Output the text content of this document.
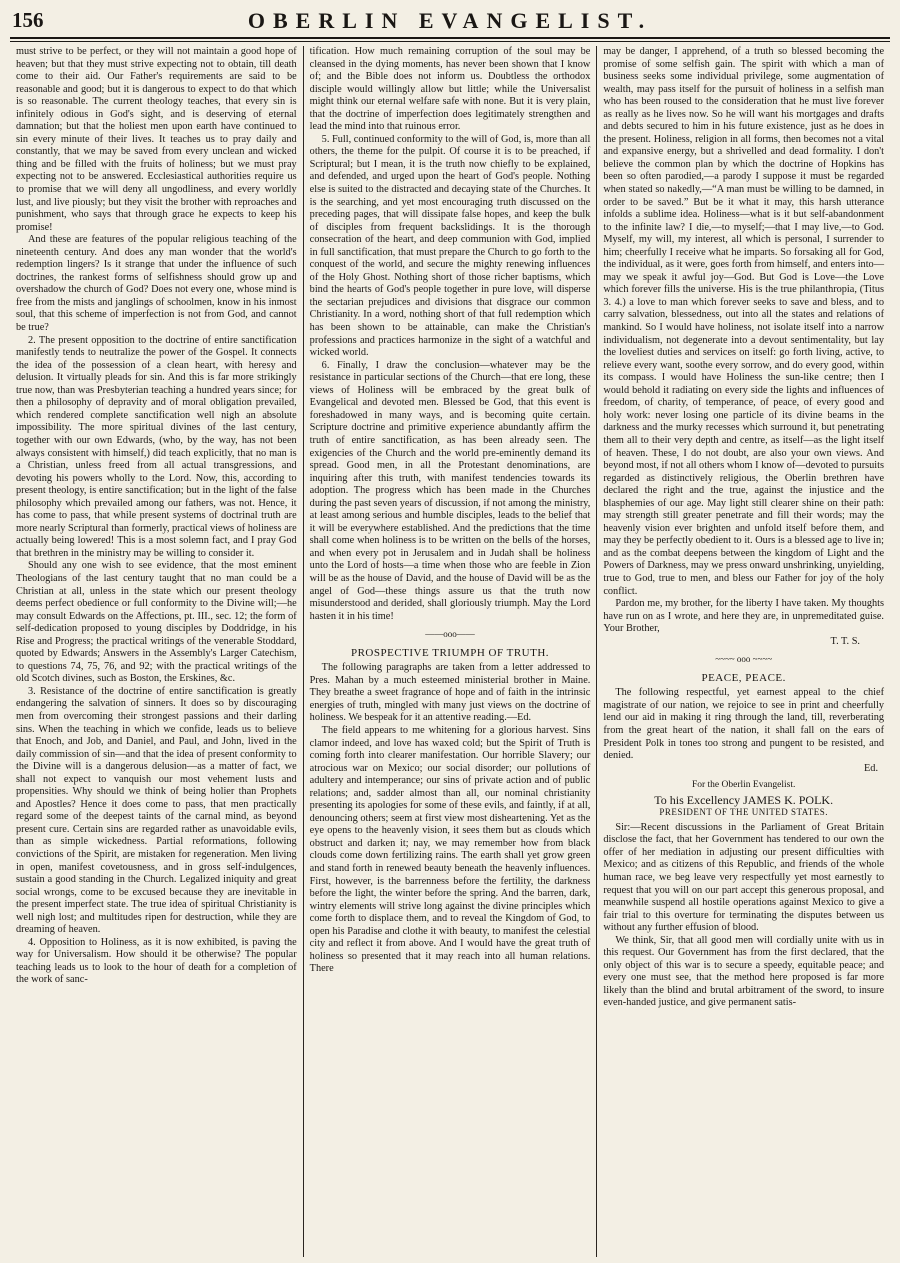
156	OBERLIN EVANGELIST.

must strive to be perfect, or they will not maintain a good hope of heaven; but that they must strive expecting not to obtain, till death come to their aid. Our Father's requirements are said to be reasonable and good; but it is dangerous to expect to do that which is so reasonable. The current theology teaches, that every sin is infinitely odious in God's sight, and is deserving of eternal damnation; but that the holiest men upon earth have continued to sin every minute of their lives. It teaches us to pray daily and constantly, that we may be saved from every unclean and wicked thing and be filled with the fruits of holiness; but we must pray expecting not to be answered. Ecclesiastical authorities require us to promise that we will deny all ungodliness, and every worldly lust, and live piously; but they visit the brother with reproaches and punishment, who says that through grace he expects to keep his promise!

And these are features of the popular religious teaching of the nineteenth century. And does any man wonder that the world's redemption lingers? Is it strange that under the influence of such doctrines, the rankest forms of selfishness should grow up and overshadow the church of God? Does not every one, whose mind is free from the mists and janglings of schoolmen, know in his inmost soul, that this scheme of imperfection is not from God, and cannot be true?

2. The present opposition to the doctrine of entire sanctification manifestly tends to neutralize the power of the Gospel. It connects the idea of the possession of a clean heart, with heresy and delusion. It virtually pleads for sin. And this is far more strikingly true now, than was Presbyterian teaching a hundred years since; for then a philosophy of depravity and of moral obligation prevailed, which rendered complete sanctification well nigh an absolute impossibility. The more spiritual divines of the last century, together with our own Edwards, (who, by the way, has not been always consistent with himself,) did teach explicitly, that no man is a Christian, unless freed from all actual transgressions, and devoting his powers wholly to the Lord. Now, this, according to present theology, is entire sanctification; but in the light of the false philosophy which prevailed among our fathers, was not. Hence, it has come to pass, that while present systems of doctrinal truth are more nearly Scriptural than formerly, practical views of holiness are actually being lowered! This is a most solemn fact, and I pray God that brethren in the ministry may be willing to consider it.

Should any one wish to see evidence, that the most eminent Theologians of the last century taught that no man could be a Christian at all, unless in the state which our present theology deems perfect obedience or full conformity to the Divine will;—he may consult Edwards on the Affections, pt. III., sec. 12; the form of self-dedication proposed to young disciples by Doddridge, in his Rise and Progress; the practical writings of the venerable Stoddard, quoted by Edwards; Answers in the Assembly's Larger Catechism, to questions 74, 75, 76, and 92; with the practical writings of the old Scotch divines, such as Boston, the Erskines, &c.

3. Resistance of the doctrine of entire sanctification is greatly endangering the salvation of sinners. It does so by discouraging men from overcoming their strongest passions and their darling sins. When the teaching in which we confide, leads us to believe that Enoch, and Job, and Daniel, and Paul, and John, lived in the daily commission of sin—and that the idea of present conformity to the Divine will is a dangerous delusion—as a matter of fact, we shall not expect to vanquish our most vehement lusts and propensities. Why should we think of being holier than Prophets and Apostles? Hence it does come to pass, that men practically regard some of the deepest taints of the carnal mind, as beyond present cure. Certain sins are regarded rather as unavoidable evils, than as simple wickedness. Partial reformations, following convictions of the Spirit, are mistaken for regeneration. Men living in open, manifest covetousness, and in gross self-indulgences, sustain a good standing in the Church. Legalized iniquity and great social wrongs, come to be excused because they are inevitable in the present imperfect state. The true idea of spiritual Christianity is well nigh lost; and multitudes ripen for destruction, while they are dreaming of heaven.

4. Opposition to Holiness, as it is now exhibited, is paving the way for Universalism. How should it be otherwise? The popular teaching leads us to look to the hour of death for a completion of the work of sanc-

tification. How much remaining corruption of the soul may be cleansed in the dying moments, has never been shown that I know of; and the Bible does not inform us. Doubtless the orthodox disciple would willingly allow but little; while the Universalist might think our eternal welfare safe with none. But it is very plain, that the doctrine of imperfection does legitimately strengthen and lead the mind into that ruinous error.

5. Full, continued conformity to the will of God, is, more than all others, the theme for the pulpit. Of course it is to be preached, if Scriptural; but I mean, it is the truth now chiefly to be explained, and defended, and urged upon the heart of God's people. Nothing else is suited to the distracted and decaying state of the Churches. It is the searching, and yet most encouraging truth discussed on the preceding pages, that will dissipate false hopes, and keep the bulk of disciples from frequent backslidings. It is the thorough consecration of the heart, and deep communion with God, implied in full sanctification, that must prepare the Church to go forth to the conquest of the world, and secure the mighty renewing influences of the Holy Ghost. Nothing short of those richer baptisms, which bind the hearts of God's people together in pure love, will disperse the sectarian prejudices and divisions that disgrace our common Christianity. In a word, nothing short of that full redemption which has been shown to be attainable, can make the Christian's professions and practices harmonize in the sight of a watchful and wicked world.

6. Finally, I draw the conclusion—whatever may be the resistance in particular sections of the Church—that ere long, these views of Holiness will be embraced by the great bulk of Evangelical and devoted men. Blessed be God, that this event is foreshadowed in many ways, and is becoming quite certain. Scripture doctrine and primitive experience abundantly affirm the truth of entire sanctification, as has been already seen. The exigencies of the Church and the world pre-eminently demand its spread. Good men, in all the Protestant denominations, are inquiring after this truth, with manifest tendencies towards its adoption. The progress which has been made in the Churches during the past seven years of discussion, if not among the ministry, at least among serious and humble disciples, leads to the belief that it will be everywhere established. And the predictions that the time shall come when holiness is to be written on the bells of the horses, and when every pot in Jerusalem and in Judah shall be holiness unto the Lord of hosts—a time when those who are feeble in Zion will be as the house of David, and the house of David will be as the angel of God—these things assure us that the truth now misunderstood and derided, shall gloriously triumph. May the Lord hasten it in his time!

——ooo——
PROSPECTIVE TRIUMPH OF TRUTH.

The following paragraphs are taken from a letter addressed to Pres. Mahan by a much esteemed ministerial brother in Maine. They breathe a sweet fragrance of hope and of faith in the intrinsic energies of truth, mingled with many just views on the doctrine of holiness. We bespeak for it an attentive reading.—Ed.

The field appears to me whitening for a glorious harvest. Sins clamor indeed, and love has waxed cold; but the Spirit of Truth is coming forth into clearer manifestation. Our horrible Slavery; our atrocious war on Mexico; our social disorder; our pollutions of adultery and intemperance; our sins of private action and of public relations; and, sadder almost than all, our nominal christianity presenting its apologies for some of these evils, and faintly, if at all, denouncing others; seem at first view most disheartening. Yet as the eye opens to the heavenly vision, it sees them but as clouds which obstruct and darken it; nay, we may remember how from black clouds come down fertilizing rains. The earth shall yet grow green and stand forth in renewed beauty beneath the heavenly influences. First, however, is the barrenness before the fertility, the darkness before the light, the winter before the spring. And the barren, dark, wintry elements will strive long against the divine principles which come forth to displace them, and to reveal the Kingdom of God, to open his Paradise and clothe it with beauty, to manifest the celestial city and reflect it from above. And I would have the great truth of holiness so presented that it may reach into all human relations. There

may be danger, I apprehend, of a truth so blessed becoming the promise of some selfish gain. The spirit with which a man of business seeks some individual privilege, some augmentation of wealth, may pass itself for the pursuit of holiness in a selfish man who has been roused to the consideration that he must live forever as really as he lives now. So he will want his mortgages and drafts and debts secured to him in his future existence, just as he does in the present. Holiness, religion in all forms, then becomes not a vital and expansive energy, but a shrivelled and dead formality. I don't believe the common plan by which the doctrine of Hopkins has been so often parodied,—a parody I suppose it must be regarded when stated so nakedly,—“A man must be willing to be damned, in order to be saved.” But be it what it may, this harsh utterance infolds a sublime idea. Holiness—what is it but self-abandonment to the infinite law? I die,—to myself;—that I may live,—to God. Myself, my will, my interest, all which is personal, I surrender to him; cheerfully I receive what he imparts. So forsaking all for God, the individual, as it were, goes forth from himself, and enters into—may we speak it awful joy—God. But God is Love—the Love which forever fills the universe. His is the true philanthropia, (Titus 3. 4.) a love to man which forever seeks to save and bless, and to carry salvation, blessedness, out into all the states and relations of mankind. So I would have holiness, not isolate itself into a narrow individualism, not degenerate into a devout sentimentality, but lay the loveliest duties and services on itself: go forth living, active, to relieve every want, soothe every sorrow, and do every good, within its compass. I would have Holiness the sun-like centre; then I would behold it radiating on every side the lights and influences of freedom, of charity, of temperance, of peace, of every good and holy work: never losing one particle of its divine beams in the darkness and the murky recesses which surround it, but penetrating them all to their very depth and centre, as itself—as the light itself of heaven. These, I do not doubt, are also your own views. And beyond most, if not all others whom I know of—devoted to pursuits regarded as distinctively religious, the Oberlin brethren have declared the right and the true, against the injustice and the blasphemies of our age. May light still clearer shine on their path: may strength still greater penetrate and fill their words; may the heavenly vision ever brighten and unfold itself before them, and may they be perfectly obedient to it. Ours is a blessed age to live in; and as the combat deepens between the kingdom of Light and the Powers of Darkness, may we press onward unshrinking, unyielding, true to God, true to men, and bless our Father for joy of the holy conflict.

Pardon me, my brother, for the liberty I have taken. My thoughts have run on as I wrote, and here they are, in unpremeditated guise. Your Brother,

T. T. S.
~~~~ ooo ~~~~
PEACE, PEACE.

The following respectful, yet earnest appeal to the chief magistrate of our nation, we rejoice to see in print and cheerfully lend our aid in making it ring through the land, till, reverberating from the great heart of the nation, it shall fall on the ears of President Polk in tones too strong and pungent to be resisted, and denied.

Ed.
For the Oberlin Evangelist.
To his Excellency JAMES K. POLK.
PRESIDENT OF THE UNITED STATES.

Sir:—Recent discussions in the Parliament of Great Britain disclose the fact, that her Government has tendered to our own the offer of her mediation in adjusting our present difficulties with Mexico; and as citizens of this Republic, and friends of the whole human race, we beg leave very respectfully yet most earnestly to request that you will on our part accept this generous proposal, and meanwhile suspend all hostile operations against Mexico to give a fair trial to this overture for terminating the disputes between us without any further effusion of blood.

We think, Sir, that all good men will cordially unite with us in this request. Our Government has from the first declared, that the only object of this war is to secure a speedy, equitable peace; and every one must see, that the method here proposed is far more likely than the blind and brutal arbitrament of the sword, to insure even-handed justice, and give permanent satis-
